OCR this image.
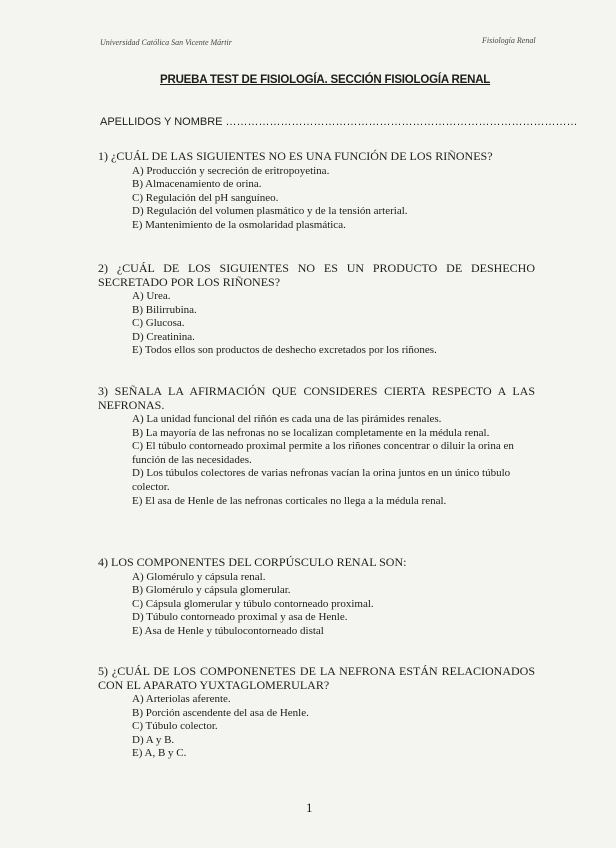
Universidad Católica San Vicente Mártir	Fisiología Renal
PRUEBA TEST DE FISIOLOGÍA. SECCIÓN FISIOLOGÍA RENAL
APELLIDOS Y NOMBRE ……………………………………………………………………………………

1) ¿CUÁL DE LAS SIGUIENTES NO ES UNA FUNCIÓN DE LOS RIÑONES?

A) Producción y secreción de eritropoyetina.
B) Almacenamiento de orina.
C) Regulación del pH sanguíneo.
D) Regulación del volumen plasmático y de la tensión arterial.
E) Mantenimiento de la osmolaridad plasmática.

2) ¿CUÁL DE LOS SIGUIENTES NO ES UN PRODUCTO DE DESHECHO SECRETADO POR LOS RIÑONES?

A) Urea.
B) Bilirrubina.
C) Glucosa.
D) Creatinina.
E) Todos ellos son productos de deshecho excretados por los riñones.

3) SEÑALA LA AFIRMACIÓN QUE CONSIDERES CIERTA RESPECTO A LAS NEFRONAS.

A) La unidad funcional del riñón es cada una de las pirámides renales.
B) La mayoría de las nefronas no se localizan completamente en la médula renal.
C) El túbulo contorneado proximal permite a los riñones concentrar o diluir la orina en función de las necesidades.
D) Los túbulos colectores de varias nefronas vacían la orina juntos en un único túbulo colector.
E) El asa de Henle de las nefronas corticales no llega a la médula renal.

4) LOS COMPONENTES DEL CORPÚSCULO RENAL SON:

A) Glomérulo y cápsula renal.
B) Glomérulo y cápsula glomerular.
C) Cápsula glomerular y túbulo contorneado proximal.
D) Túbulo contorneado proximal y asa de Henle.
E) Asa de Henle y túbulocontorneado distal

5) ¿CUÁL DE LOS COMPONENETES DE LA NEFRONA ESTÁN RELACIONADOS CON EL APARATO YUXTAGLOMERULAR?

A) Arteriolas aferente.
B) Porción ascendente del asa de Henle.
C) Túbulo colector.
D) A y B.
E) A, B y C.
1
